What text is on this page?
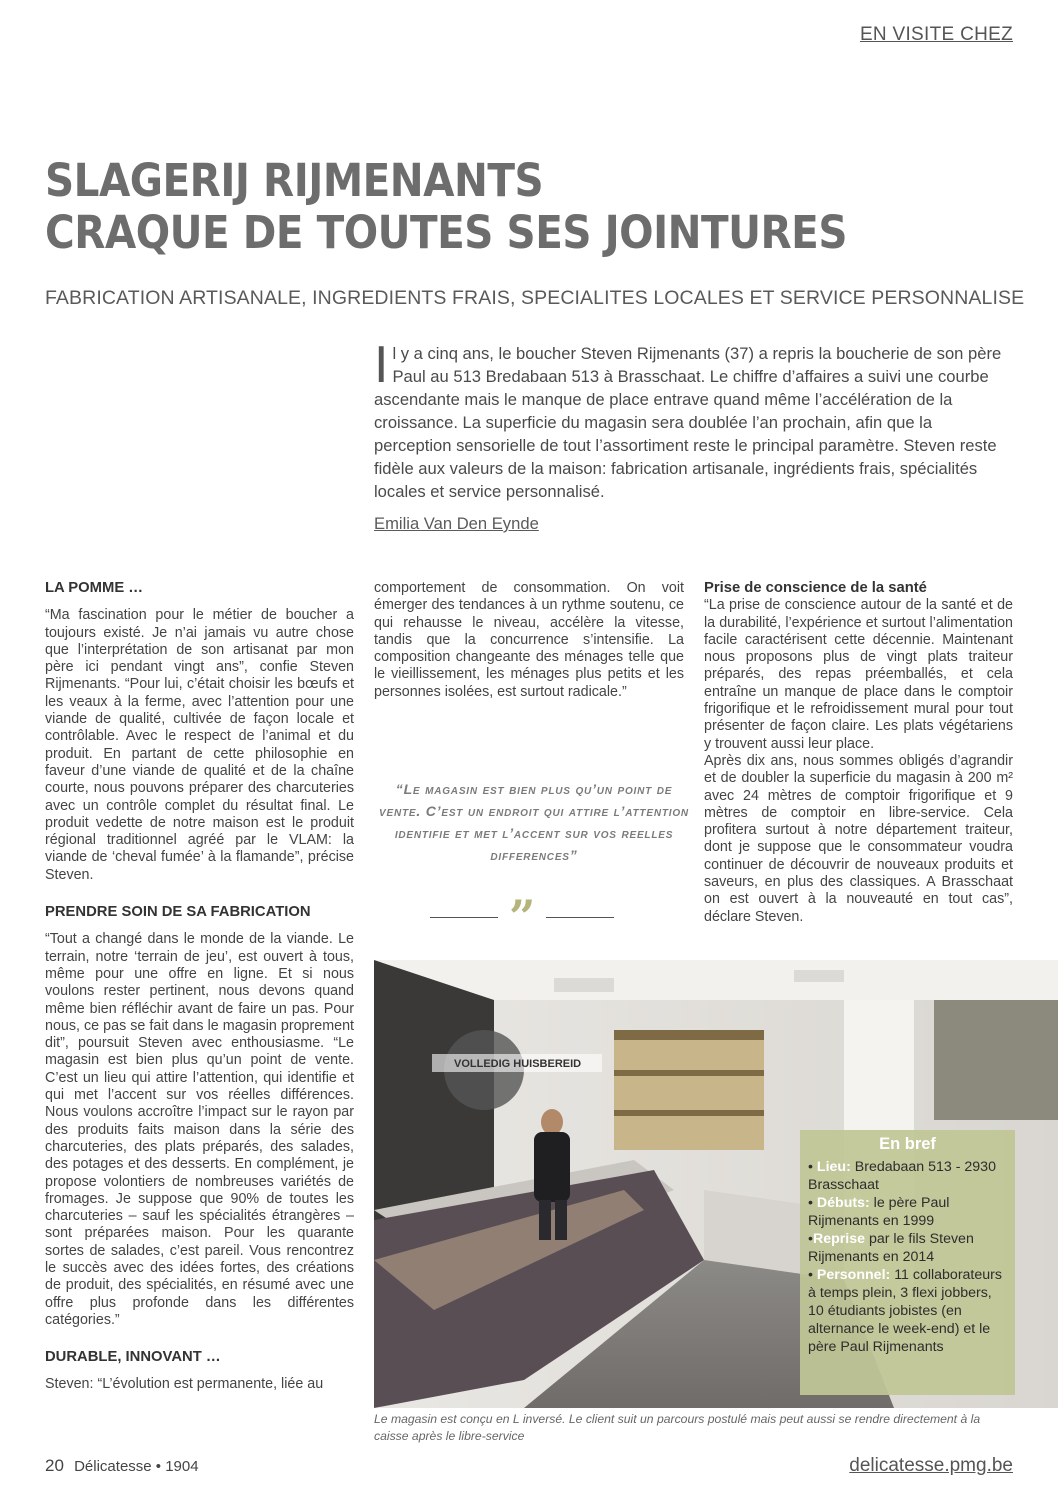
EN VISITE CHEZ
SLAGERIJ RIJMENANTS
CRAQUE DE TOUTES SES JOINTURES
FABRICATION ARTISANALE, INGREDIENTS FRAIS, SPECIALITES LOCALES ET SERVICE PERSONNALISE
Il y a cinq ans, le boucher Steven Rijmenants (37) a repris la boucherie de son père Paul au 513 Bredabaan 513 à Brasschaat. Le chiffre d’affaires a suivi une courbe ascendante mais le manque de place entrave quand même l’accélération de la croissance. La superficie du magasin sera doublée l’an prochain, afin que la perception sensorielle de tout l’assortiment reste le principal paramètre. Steven reste fidèle aux valeurs de la maison: fabrication artisanale, ingrédients frais, spécialités locales et service personnalisé.
Emilia Van Den Eynde
LA POMME …

“Ma fascination pour le métier de boucher a toujours existé. Je n’ai jamais vu autre chose que l’interprétation de son artisanat par mon père ici pendant vingt ans”, confie Steven Rijmenants. “Pour lui, c’était choisir les bœufs et les veaux à la ferme, avec l’attention pour une viande de qualité, cultivée de façon locale et contrôlable. Avec le respect de l’animal et du produit. En partant de cette philosophie en faveur d’une viande de qualité et de la chaîne courte, nous pouvons préparer des charcuteries avec un contrôle complet du résultat final. Le produit vedette de notre maison est le produit régional traditionnel agréé par le VLAM: la viande de ‘cheval fumée’ à la flamande”, précise Steven.

PRENDRE SOIN DE SA FABRICATION

“Tout a changé dans le monde de la viande. Le terrain, notre ‘terrain de jeu’, est ouvert à tous, même pour une offre en ligne. Et si nous voulons rester pertinent, nous devons quand même bien réfléchir avant de faire un pas. Pour nous, ce pas se fait dans le magasin proprement dit”, poursuit Steven avec enthousiasme. “Le magasin est bien plus qu’un point de vente. C’est un lieu qui attire l’attention, qui identifie et qui met l’accent sur vos réelles différences. Nous voulons accroître l’impact sur le rayon par des produits faits maison dans la série des charcuteries, des plats préparés, des salades, des potages et des desserts. En complément, je propose volontiers de nombreuses variétés de fromages. Je suppose que 90% de toutes les charcuteries – sauf les spécialités étrangères – sont préparées maison. Pour les quarante sortes de salades, c’est pareil. Vous rencontrez le succès avec des idées fortes, des créations de produit, des spécialités, en résumé avec une offre plus profonde dans les différentes catégories.”

DURABLE, INNOVANT …

Steven: “L’évolution est permanente, liée au

comportement de consommation. On voit émerger des tendances à un rythme soutenu, ce qui rehausse le niveau, accélère la vitesse, tandis que la concurrence s’intensifie. La composition changeante des ménages telle que le vieillissement, les ménages plus petits et les personnes isolées, est surtout radicale.”

“Le magasin est bien plus qu’un point de vente. C’est un endroit qui attire l’attention identifie et met l’accent sur vos reelles differences”
”
Prise de conscience de la santé

“La prise de conscience autour de la santé et de la durabilité, l’expérience et surtout l’alimentation facile caractérisent cette décennie. Maintenant nous proposons plus de vingt plats traiteur préparés, des repas préemballés, et cela entraîne un manque de place dans le comptoir frigorifique et le refroidissement mural pour tout présenter de façon claire. Les plats végétariens y trouvent aussi leur place.

Après dix ans, nous sommes obligés d’agrandir et de doubler la superficie du magasin à 200 m² avec 24 mètres de comptoir frigorifique et 9 mètres de comptoir en libre-service. Cela profitera surtout à notre département traiteur, dont je suppose que le consommateur voudra continuer de découvrir de nouveaux produits et saveurs, en plus des classiques. A Brasschaat on est ouvert à la nouveauté en tout cas”, déclare Steven.

VOLLEDIG HUISBEREID
En bref
• Lieu: Bredabaan 513 - 2930 Brasschaat
• Débuts: le père Paul Rijmenants en 1999
•Reprise par le fils Steven Rijmenants en 2014
• Personnel: 11 collaborateurs à temps plein, 3 flexi jobbers, 10 étudiants jobistes (en alternance le week-end) et le père Paul Rijmenants
Le magasin est conçu en L inversé. Le client suit un parcours postulé mais peut aussi se rendre directement à la caisse après le libre-service
20 Délicatesse • 1904	delicatesse.pmg.be
